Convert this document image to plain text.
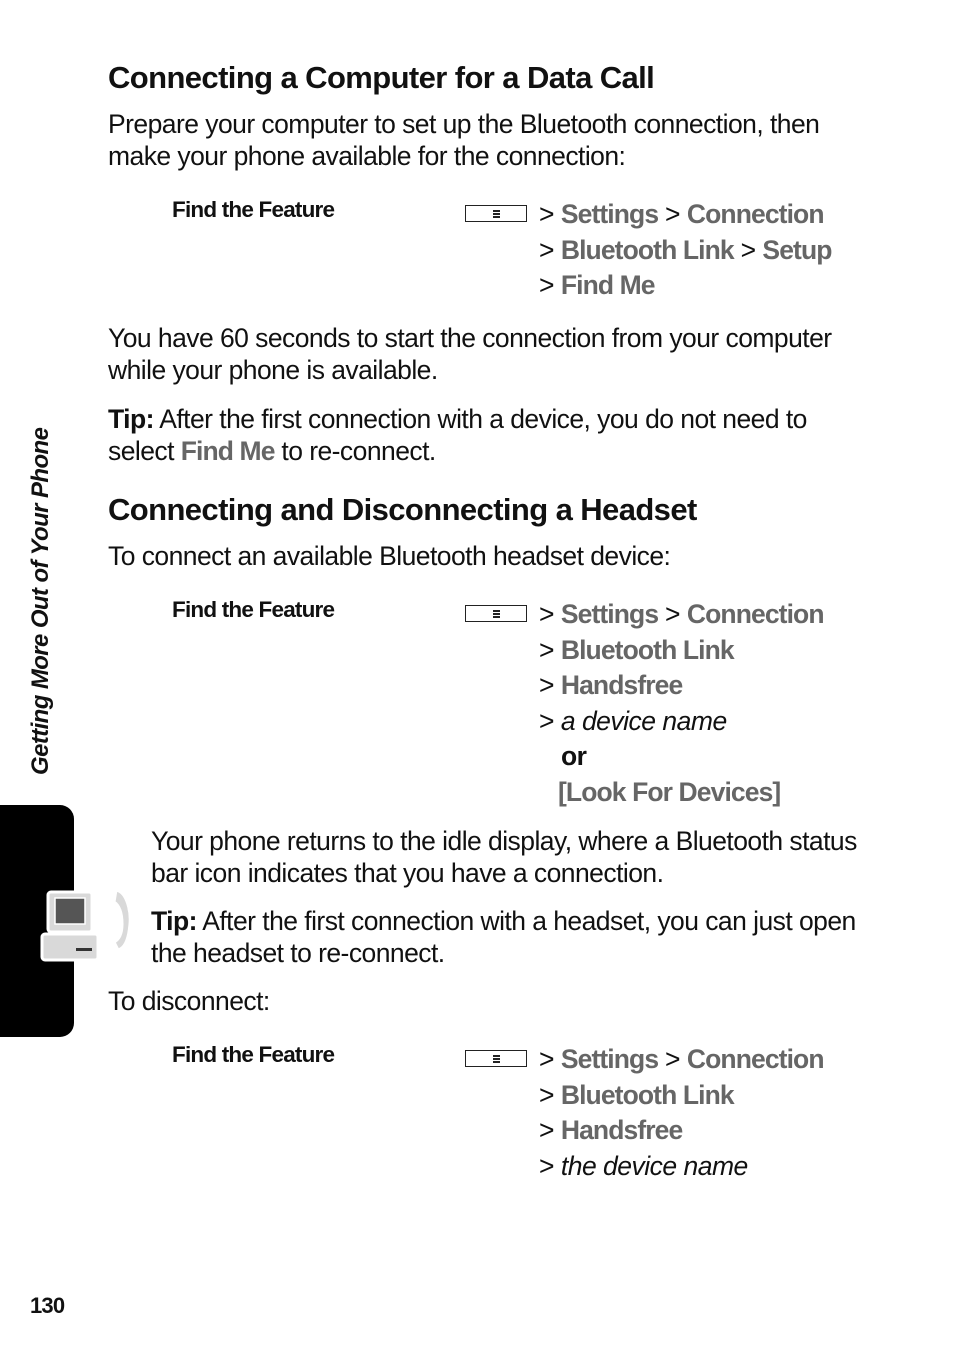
Getting More Out of Your Phone
Connecting a Computer for a Data Call

Prepare your computer to set up the Bluetooth connection, then make your phone available for the connection:

Find the Feature	> Settings > Connection
> Bluetooth Link > Setup
> Find Me

You have 60 seconds to start the connection from your computer while your phone is available.

Tip: After the first connection with a device, you do not need to select Find Me to re-connect.

Connecting and Disconnecting a Headset

To connect an available Bluetooth headset device:

Find the Feature	> Settings > Connection
> Bluetooth Link
> Handsfree
> a device name
or
[Look For Devices]

Your phone returns to the idle display, where a Bluetooth status bar icon indicates that you have a connection.

Tip: After the first connection with a headset, you can just open the headset to re-connect.

To disconnect:

Find the Feature	> Settings > Connection
> Bluetooth Link
> Handsfree
> the device name
130
